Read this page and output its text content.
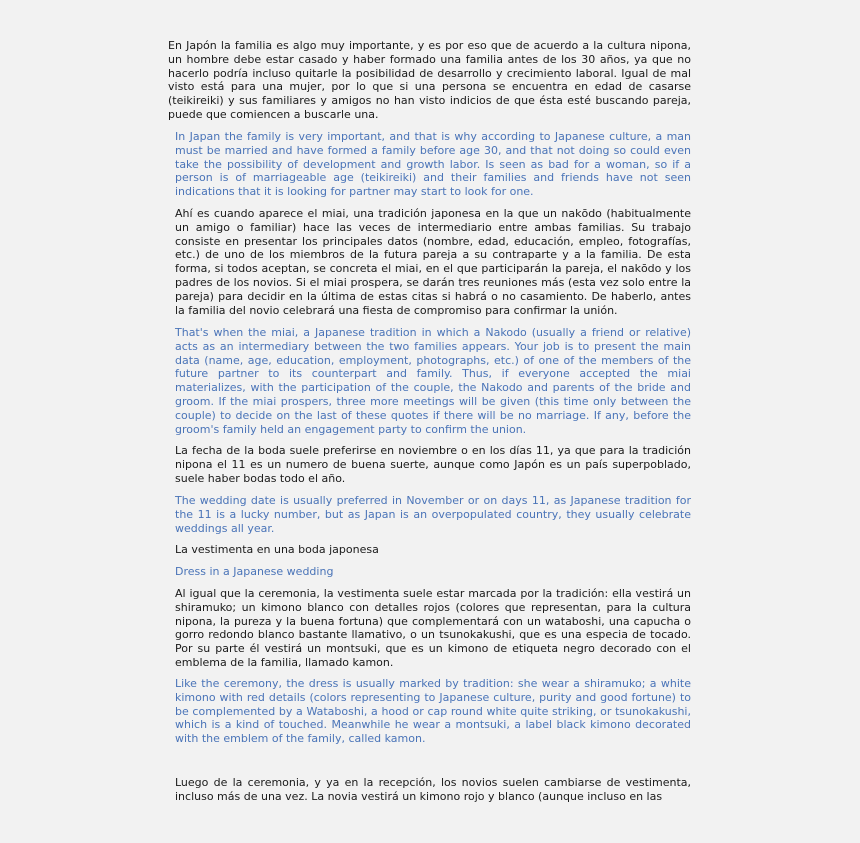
En Japón la familia es algo muy importante, y es por eso que de acuerdo a la cultura nipona, un hombre debe estar casado y haber formado una familia antes de los 30 años, ya que no hacerlo podría incluso quitarle la posibilidad de desarrollo y crecimiento laboral. Igual de mal visto está para una mujer, por lo que si una persona se encuentra en edad de casarse (teikireiki) y sus familiares y amigos no han visto indicios de que ésta esté buscando pareja, puede que comiencen a buscarle una.

In Japan the family is very important, and that is why according to Japanese culture, a man must be married and have formed a family before age 30, and that not doing so could even take the possibility of development and growth labor. Is seen as bad for a woman, so if a person is of marriageable age (teikireiki) and their families and friends have not seen indications that it is looking for partner may start to look for one.

Ahí es cuando aparece el miai, una tradición japonesa en la que un nakōdo (habitualmente un amigo o familiar) hace las veces de intermediario entre ambas familias. Su trabajo consiste en presentar los principales datos (nombre, edad, educación, empleo, fotografías, etc.) de uno de los miembros de la futura pareja a su contraparte y a la familia. De esta forma, si todos aceptan, se concreta el miai, en el que participarán la pareja, el nakōdo y los padres de los novios. Si el miai prospera, se darán tres reuniones más (esta vez solo entre la pareja) para decidir en la última de estas citas si habrá o no casamiento. De haberlo, antes la familia del novio celebrará una fiesta de compromiso para confirmar la unión.

That's when the miai, a Japanese tradition in which a Nakodo (usually a friend or relative) acts as an intermediary between the two families appears. Your job is to present the main data (name, age, education, employment, photographs, etc.) of one of the members of the future partner to its counterpart and family. Thus, if everyone accepted the miai materializes, with the participation of the couple, the Nakodo and parents of the bride and groom. If the miai prospers, three more meetings will be given (this time only between the couple) to decide on the last of these quotes if there will be no marriage. If any, before the groom's family held an engagement party to confirm the union.

La fecha de la boda suele preferirse en noviembre o en los días 11, ya que para la tradición nipona el 11 es un numero de buena suerte, aunque como Japón es un país superpoblado, suele haber bodas todo el año.

The wedding date is usually preferred in November or on days 11, as Japanese tradition for the 11 is a lucky number, but as Japan is an overpopulated country, they usually celebrate weddings all year.

La vestimenta en una boda japonesa

Dress in a Japanese wedding

Al igual que la ceremonia, la vestimenta suele estar marcada por la tradición: ella vestirá un shiramuko; un kimono blanco con detalles rojos (colores que representan, para la cultura nipona, la pureza y la buena fortuna) que complementará con un wataboshi, una capucha o gorro redondo blanco bastante llamativo, o un tsunokakushi, que es una especia de tocado. Por su parte él vestirá un montsuki, que es un kimono de etiqueta negro decorado con el emblema de la familia, llamado kamon.

Like the ceremony, the dress is usually marked by tradition: she wear a shiramuko; a white kimono with red details (colors representing to Japanese culture, purity and good fortune) to be complemented by a Wataboshi, a hood or cap round white quite striking, or tsunokakushi, which is a kind of touched. Meanwhile he wear a montsuki, a label black kimono decorated with the emblem of the family, called kamon.

Luego de la ceremonia, y ya en la recepción, los novios suelen cambiarse de vestimenta, incluso más de una vez. La novia vestirá un kimono rojo y blanco (aunque incluso en las
